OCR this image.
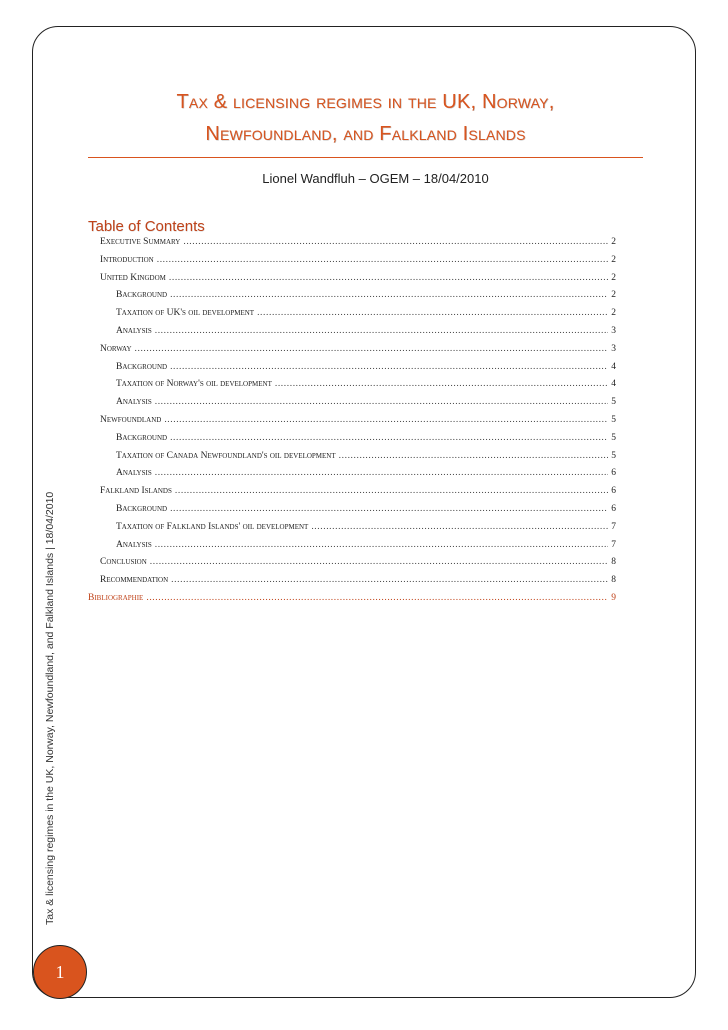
Tax & licensing regimes in the UK, Norway, Newfoundland, and Falkland Islands | 18/04/2010
Tax & licensing regimes in the UK, Norway,
Newfoundland, and Falkland Islands
Lionel Wandfluh – OGEM – 18/04/2010
Table of Contents
Executive Summary .....	2
Introduction .....	2
United Kingdom .....	2
Background .....	2
Taxation of UK's oil development .....	2
Analysis .....	3
Norway .....	3
Background .....	4
Taxation of Norway's oil development .....	4
Analysis .....	5
Newfoundland .....	5
Background .....	5
Taxation of Canada Newfoundland's oil development .....	5
Analysis .....	6
Falkland Islands .....	6
Background .....	6
Taxation of Falkland Islands' oil development .....	7
Analysis .....	7
Conclusion .....	8
Recommendation .....	8
Bibliographie .....	9
1
